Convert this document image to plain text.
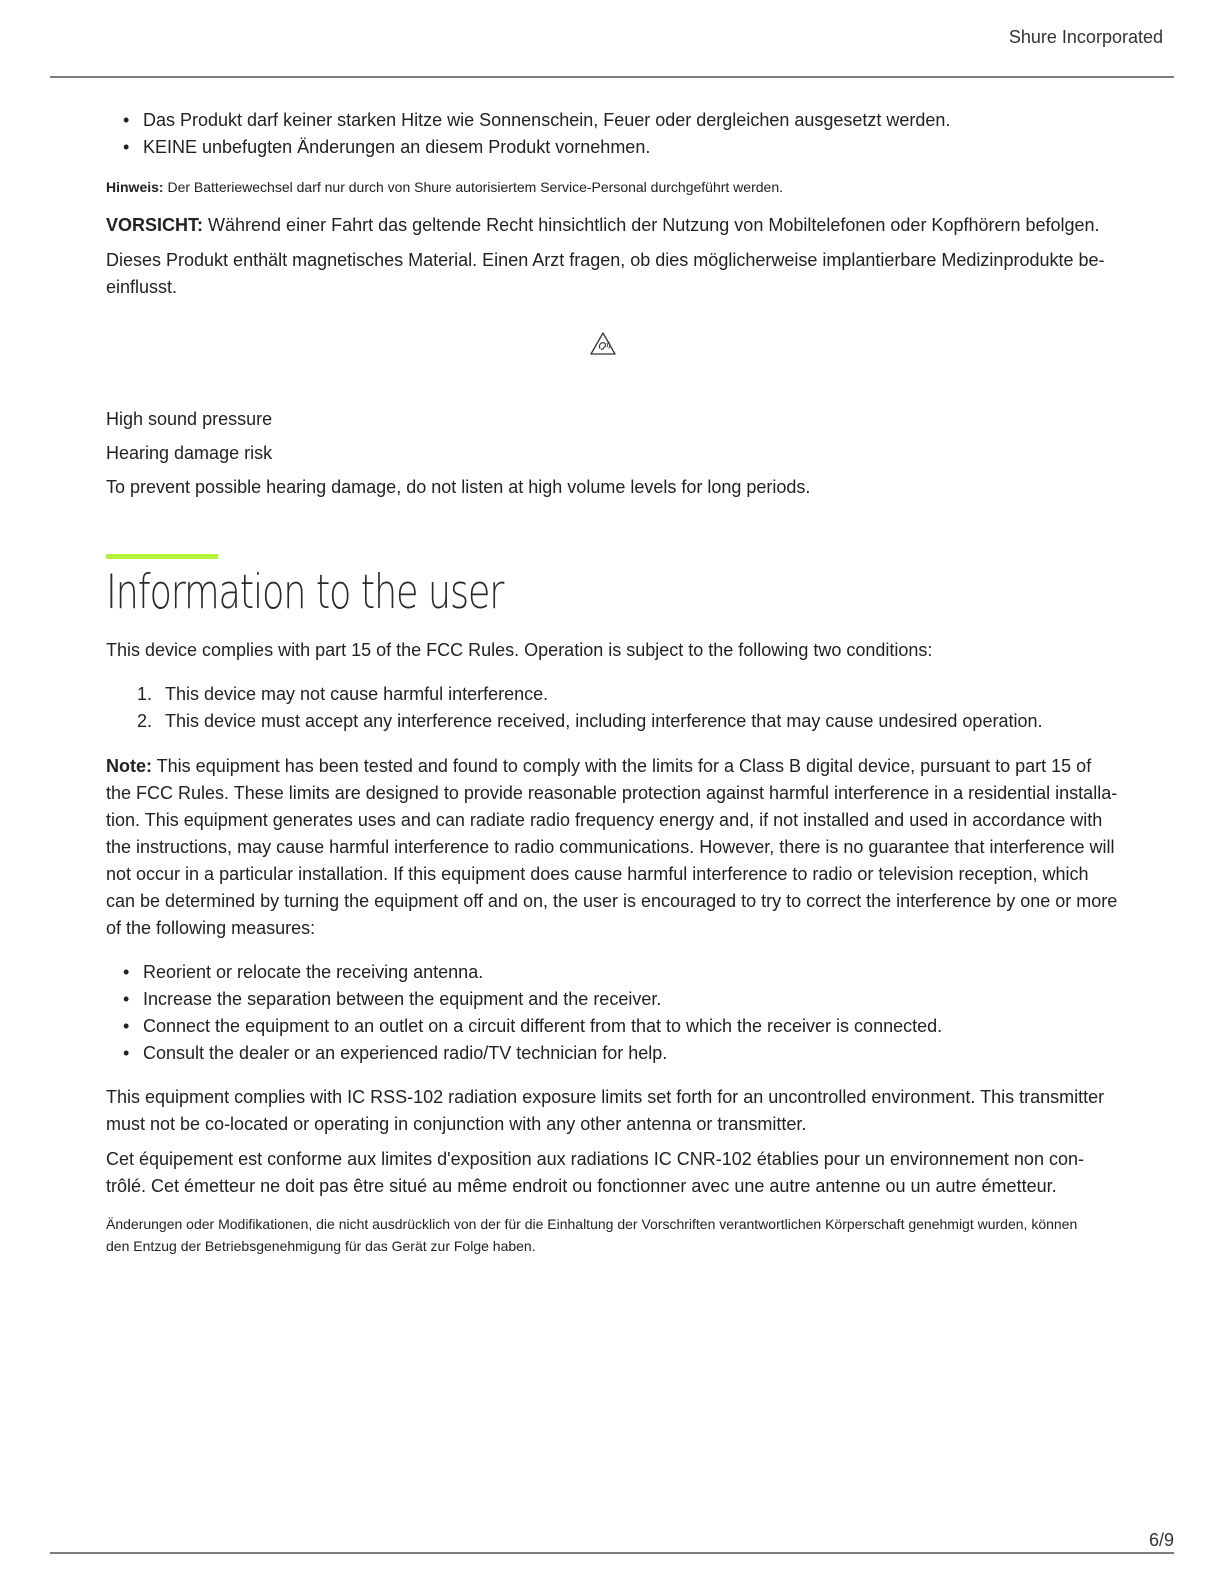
Shure Incorporated
• Das Produkt darf keiner starken Hitze wie Sonnenschein, Feuer oder dergleichen ausgesetzt werden.
• KEINE unbefugten Änderungen an diesem Produkt vornehmen.

Hinweis: Der Batteriewechsel darf nur durch von Shure autorisiertem Service-Personal durchgeführt werden.

VORSICHT: Während einer Fahrt das geltende Recht hinsichtlich der Nutzung von Mobiltelefonen oder Kopfhörern befolgen.

Dieses Produkt enthält magnetisches Material. Einen Arzt fragen, ob dies möglicherweise implantierbare Medizinprodukte be-
einflusst.

High sound pressure

Hearing damage risk

To prevent possible hearing damage, do not listen at high volume levels for long periods.

Information to the user

This device complies with part 15 of the FCC Rules. Operation is subject to the following two conditions:

1. This device may not cause harmful interference.
2. This device must accept any interference received, including interference that may cause undesired operation.

Note: This equipment has been tested and found to comply with the limits for a Class B digital device, pursuant to part 15 of
the FCC Rules. These limits are designed to provide reasonable protection against harmful interference in a residential installa-
tion. This equipment generates uses and can radiate radio frequency energy and, if not installed and used in accordance with
the instructions, may cause harmful interference to radio communications. However, there is no guarantee that interference will
not occur in a particular installation. If this equipment does cause harmful interference to radio or television reception, which
can be determined by turning the equipment off and on, the user is encouraged to try to correct the interference by one or more
of the following measures:

• Reorient or relocate the receiving antenna.
• Increase the separation between the equipment and the receiver.
• Connect the equipment to an outlet on a circuit different from that to which the receiver is connected.
• Consult the dealer or an experienced radio/TV technician for help.

This equipment complies with IC RSS-102 radiation exposure limits set forth for an uncontrolled environment. This transmitter
must not be co-located or operating in conjunction with any other antenna or transmitter.

Cet équipement est conforme aux limites d'exposition aux radiations IC CNR-102 établies pour un environnement non con-
trôlé. Cet émetteur ne doit pas être situé au même endroit ou fonctionner avec une autre antenne ou un autre émetteur.

Änderungen oder Modifikationen, die nicht ausdrücklich von der für die Einhaltung der Vorschriften verantwortlichen Körperschaft genehmigt wurden, können
den Entzug der Betriebsgenehmigung für das Gerät zur Folge haben.

6/9
